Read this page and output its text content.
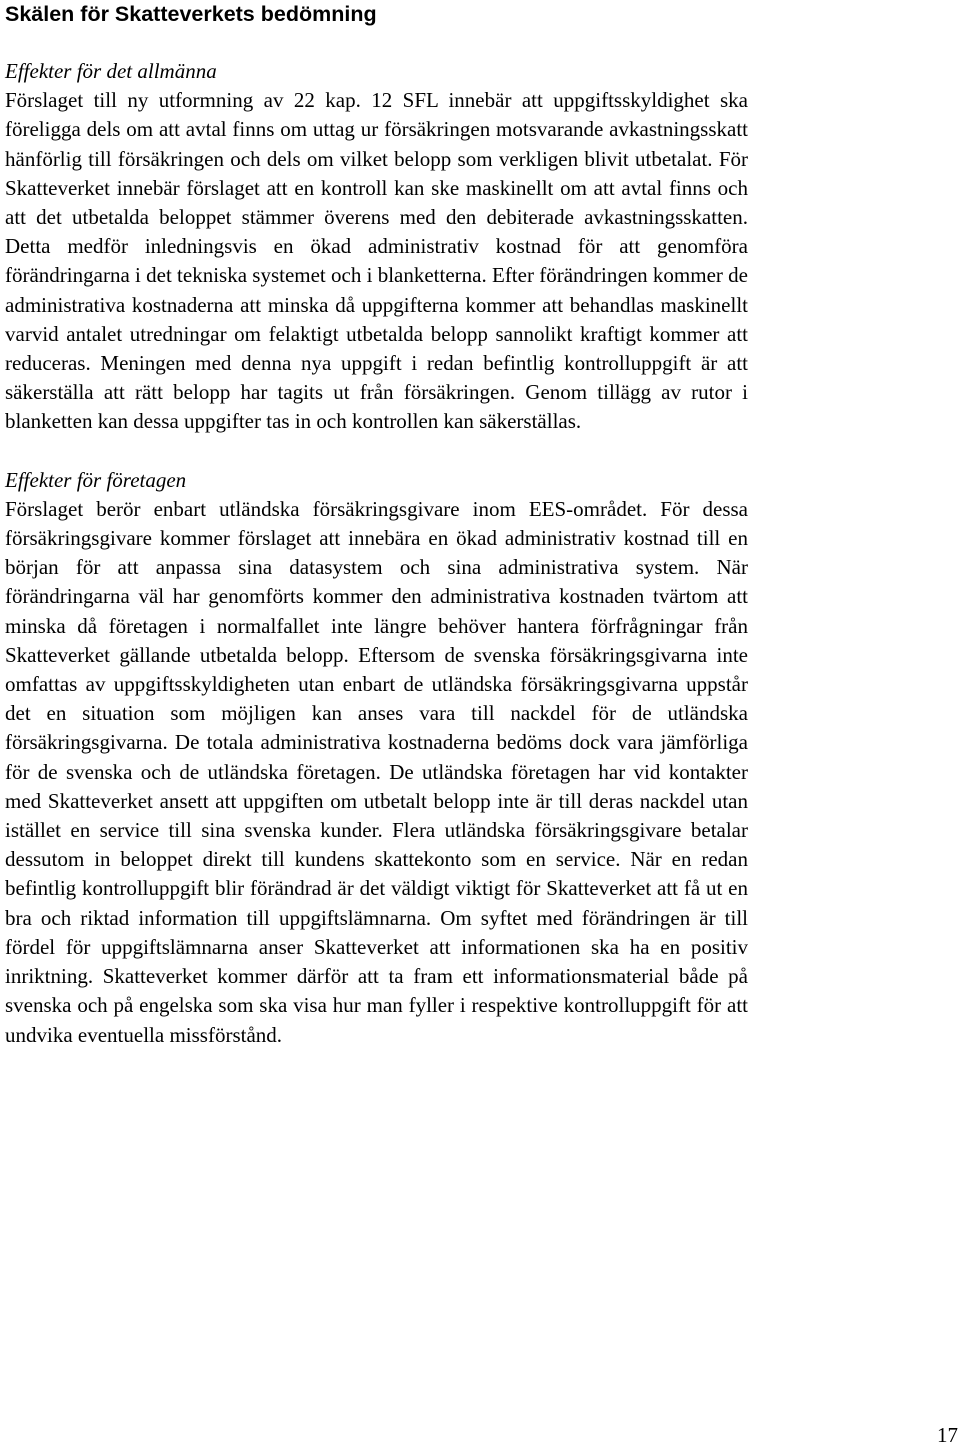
Skälen för Skatteverkets bedömning

Effekter för det allmänna

Förslaget till ny utformning av 22 kap. 12 SFL innebär att uppgiftsskyldighet ska föreligga dels om att avtal finns om uttag ur försäkringen motsvarande avkastningsskatt hänförlig till försäkringen och dels om vilket belopp som verkligen blivit utbetalat. För Skatteverket innebär förslaget att en kontroll kan ske maskinellt om att avtal finns och att det utbetalda beloppet stämmer överens med den debiterade avkastningsskatten. Detta medför inledningsvis en ökad administrativ kostnad för att genomföra förändringarna i det tekniska systemet och i blanketterna. Efter förändringen kommer de administrativa kostnaderna att minska då uppgifterna kommer att behandlas maskinellt varvid antalet utredningar om felaktigt utbetalda belopp sannolikt kraftigt kommer att reduceras. Meningen med denna nya uppgift i redan befintlig kontrolluppgift är att säkerställa att rätt belopp har tagits ut från försäkringen. Genom tillägg av rutor i blanketten kan dessa uppgifter tas in och kontrollen kan säkerställas.

Effekter för företagen

Förslaget berör enbart utländska försäkringsgivare inom EES-området. För dessa försäkringsgivare kommer förslaget att innebära en ökad administrativ kostnad till en början för att anpassa sina datasystem och sina administrativa system. När förändringarna väl har genomförts kommer den administrativa kostnaden tvärtom att minska då företagen i normalfallet inte längre behöver hantera förfrågningar från Skatteverket gällande utbetalda belopp. Eftersom de svenska försäkringsgivarna inte omfattas av uppgiftsskyldigheten utan enbart de utländska försäkringsgivarna uppstår det en situation som möjligen kan anses vara till nackdel för de utländska försäkringsgivarna. De totala administrativa kostnaderna bedöms dock vara jämförliga för de svenska och de utländska företagen. De utländska företagen har vid kontakter med Skatteverket ansett att uppgiften om utbetalt belopp inte är till deras nackdel utan istället en service till sina svenska kunder. Flera utländska försäkringsgivare betalar dessutom in beloppet direkt till kundens skattekonto som en service. När en redan befintlig kontrolluppgift blir förändrad är det väldigt viktigt för Skatteverket att få ut en bra och riktad information till uppgiftslämnarna. Om syftet med förändringen är till fördel för uppgiftslämnarna anser Skatteverket att informationen ska ha en positiv inriktning. Skatteverket kommer därför att ta fram ett informationsmaterial både på svenska och på engelska som ska visa hur man fyller i respektive kontrolluppgift för att undvika eventuella missförstånd.

17
